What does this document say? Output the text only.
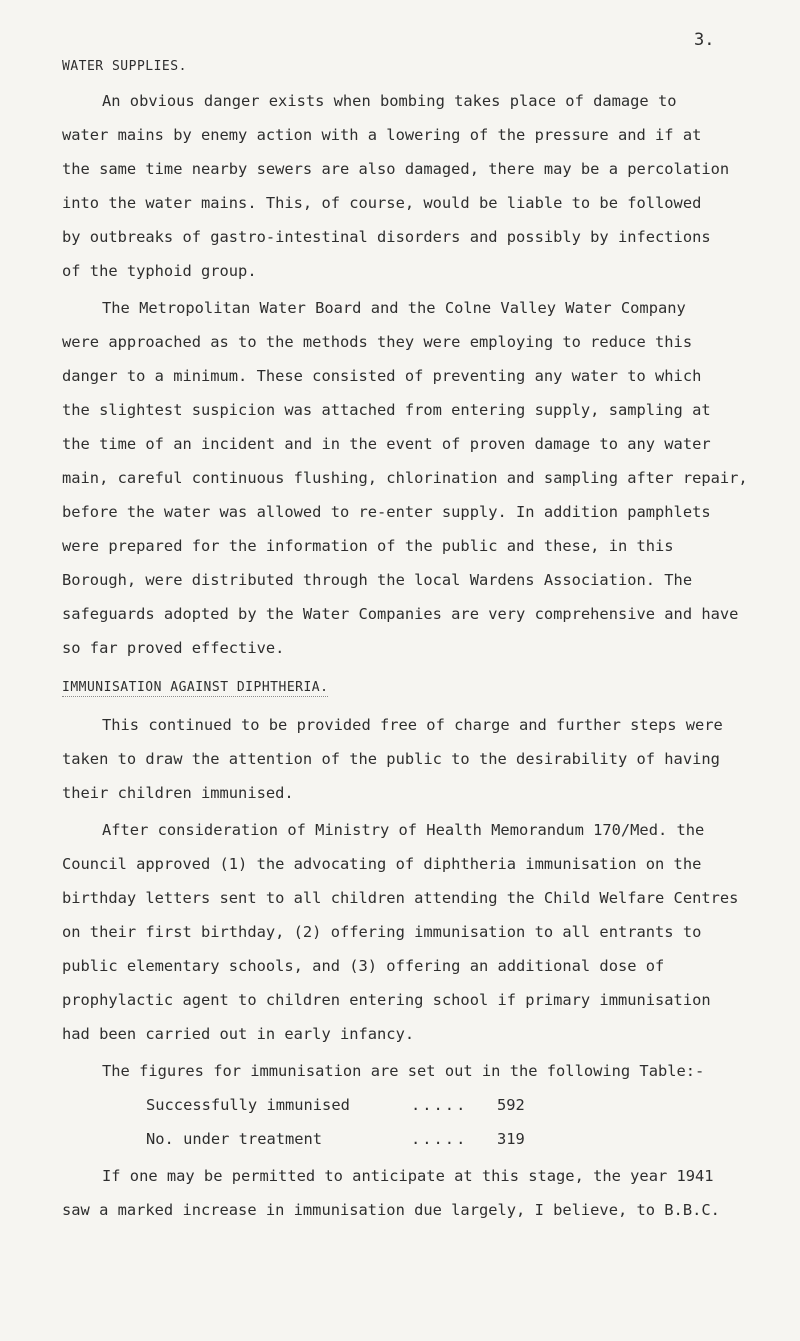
3.
WATER SUPPLIES.
An obvious danger exists when bombing takes place of damage to
water mains by enemy action with a lowering of the pressure and if at
the same time nearby sewers are also damaged, there may be a percolation
into the water mains. This, of course, would be liable to be followed
by outbreaks of gastro-intestinal disorders and possibly by infections
of the typhoid group.
The Metropolitan Water Board and the Colne Valley Water Company
were approached as to the methods they were employing to reduce this
danger to a minimum. These consisted of preventing any water to which
the slightest suspicion was attached from entering supply, sampling at
the time of an incident and in the event of proven damage to any water
main, careful continuous flushing, chlorination and sampling after repair,
before the water was allowed to re-enter supply. In addition pamphlets
were prepared for the information of the public and these, in this
Borough, were distributed through the local Wardens Association. The
safeguards adopted by the Water Companies are very comprehensive and have
so far proved effective.
IMMUNISATION AGAINST DIPHTHERIA.
This continued to be provided free of charge and further steps were
taken to draw the attention of the public to the desirability of having
their children immunised.
After consideration of Ministry of Health Memorandum 170/Med. the
Council approved (1) the advocating of diphtheria immunisation on the
birthday letters sent to all children attending the Child Welfare Centres
on their first birthday, (2) offering immunisation to all entrants to
public elementary schools, and (3) offering an additional dose of
prophylactic agent to children entering school if primary immunisation
had been carried out in early infancy.
The figures for immunisation are set out in the following Table:-
Successfully immunised	..... 592
No. under treatment	..... 319
If one may be permitted to anticipate at this stage, the year 1941
saw a marked increase in immunisation due largely, I believe, to B.B.C.
